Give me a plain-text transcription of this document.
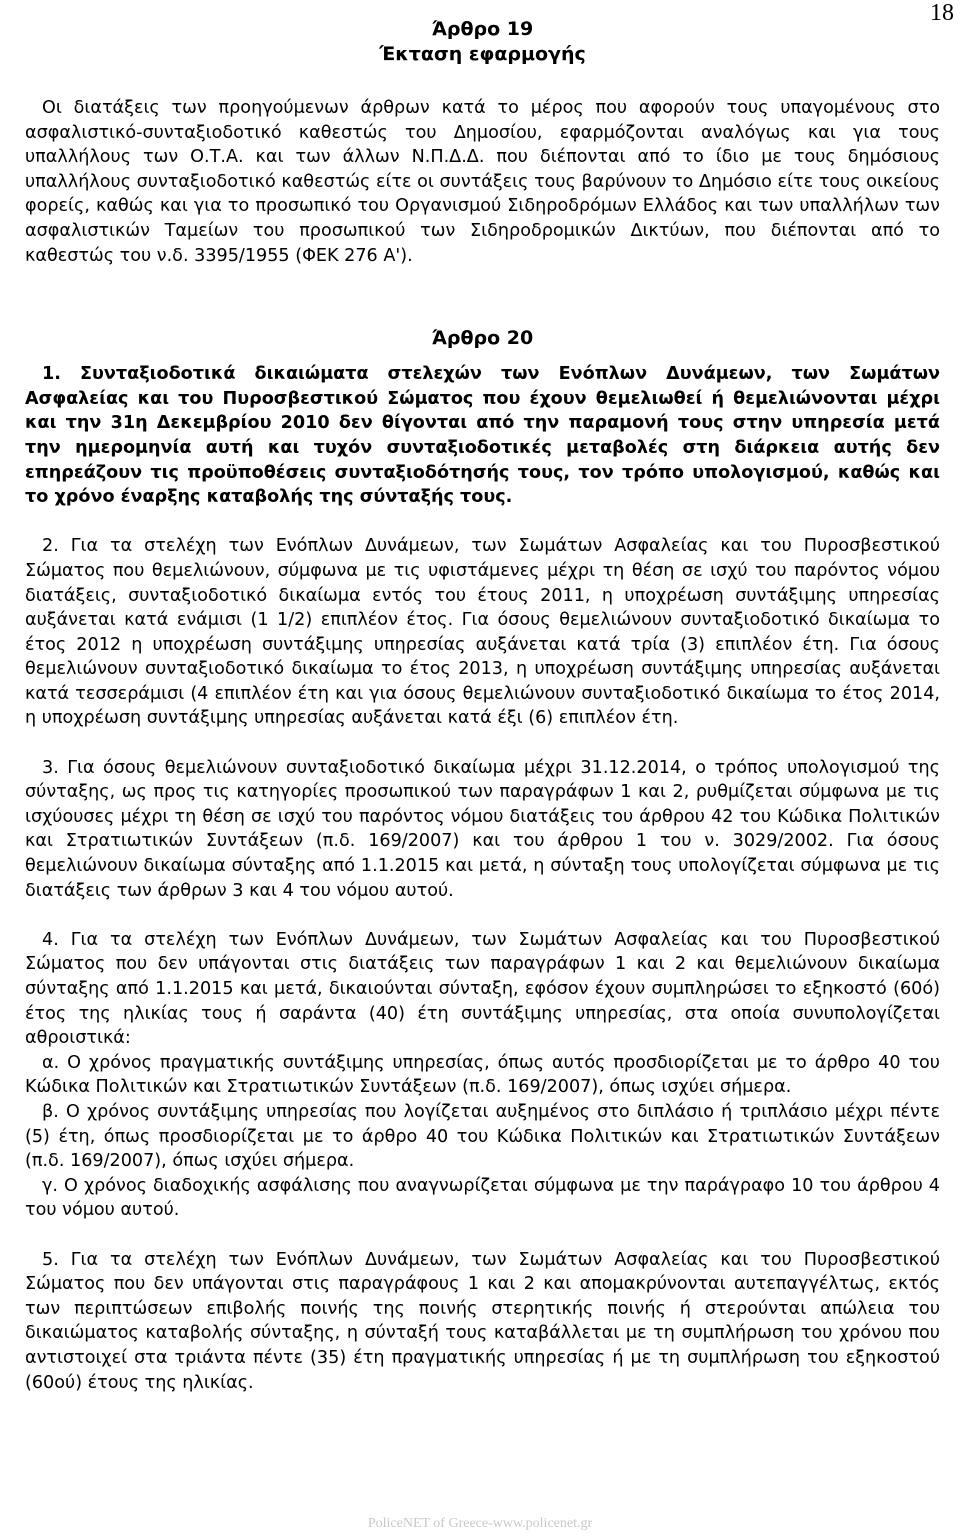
18
Άρθρο 19
Έκταση εφαρμογής

Οι διατάξεις των προηγούμενων άρθρων κατά το μέρος που αφορούν τους υπαγομένους στο ασφαλιστικό-συνταξιοδοτικό καθεστώς του Δημοσίου, εφαρμόζονται αναλόγως και για τους υπαλλήλους των Ο.Τ.Α. και των άλλων Ν.Π.Δ.Δ. που διέπονται από το ίδιο με τους δημόσιους υπαλλήλους συνταξιοδοτικό καθεστώς είτε οι συντάξεις τους βαρύνουν το Δημόσιο είτε τους οικείους φορείς, καθώς και για το προσωπικό του Οργανισμού Σιδηροδρόμων Ελλάδος και των υπαλλήλων των ασφαλιστικών Ταμείων του προσωπικού των Σιδηροδρομικών Δικτύων, που διέπονται από το καθεστώς του ν.δ. 3395/1955 (ΦΕΚ 276 Α').

Άρθρο 20

1. Συνταξιοδοτικά δικαιώματα στελεχών των Ενόπλων Δυνάμεων, των Σωμάτων Ασφαλείας και του Πυροσβεστικού Σώματος που έχουν θεμελιωθεί ή θεμελιώνονται μέχρι και την 31η Δεκεμβρίου 2010 δεν θίγονται από την παραμονή τους στην υπηρεσία μετά την ημερομηνία αυτή και τυχόν συνταξιοδοτικές μεταβολές στη διάρκεια αυτής δεν επηρεάζουν τις προϋποθέσεις συνταξιοδότησής τους, τον τρόπο υπολογισμού, καθώς και το χρόνο έναρξης καταβολής της σύνταξής τους.

2. Για τα στελέχη των Ενόπλων Δυνάμεων, των Σωμάτων Ασφαλείας και του Πυροσβεστικού Σώματος που θεμελιώνουν, σύμφωνα με τις υφιστάμενες μέχρι τη θέση σε ισχύ του παρόντος νόμου διατάξεις, συνταξιοδοτικό δικαίωμα εντός του έτους 2011, η υποχρέωση συντάξιμης υπηρεσίας αυξάνεται κατά ενάμισι (1 1/2) επιπλέον έτος. Για όσους θεμελιώνουν συνταξιοδοτικό δικαίωμα το έτος 2012 η υποχρέωση συντάξιμης υπηρεσίας αυξάνεται κατά τρία (3) επιπλέον έτη. Για όσους θεμελιώνουν συνταξιοδοτικό δικαίωμα το έτος 2013, η υποχρέωση συντάξιμης υπηρεσίας αυξάνεται κατά τεσσεράμισι (4 επιπλέον έτη και για όσους θεμελιώνουν συνταξιοδοτικό δικαίωμα το έτος 2014, η υποχρέωση συντάξιμης υπηρεσίας αυξάνεται κατά έξι (6) επιπλέον έτη.

3. Για όσους θεμελιώνουν συνταξιοδοτικό δικαίωμα μέχρι 31.12.2014, ο τρόπος υπολογισμού της σύνταξης, ως προς τις κατηγορίες προσωπικού των παραγράφων 1 και 2, ρυθμίζεται σύμφωνα με τις ισχύουσες μέχρι τη θέση σε ισχύ του παρόντος νόμου διατάξεις του άρθρου 42 του Κώδικα Πολιτικών και Στρατιωτικών Συντάξεων (π.δ. 169/2007) και του άρθρου 1 του ν. 3029/2002. Για όσους θεμελιώνουν δικαίωμα σύνταξης από 1.1.2015 και μετά, η σύνταξη τους υπολογίζεται σύμφωνα με τις διατάξεις των άρθρων 3 και 4 του νόμου αυτού.

4. Για τα στελέχη των Ενόπλων Δυνάμεων, των Σωμάτων Ασφαλείας και του Πυροσβεστικού Σώματος που δεν υπάγονται στις διατάξεις των παραγράφων 1 και 2 και θεμελιώνουν δικαίωμα σύνταξης από 1.1.2015 και μετά, δικαιούνται σύνταξη, εφόσον έχουν συμπληρώσει το εξηκοστό (60ό) έτος της ηλικίας τους ή σαράντα (40) έτη συντάξιμης υπηρεσίας, στα οποία συνυπολογίζεται αθροιστικά:

α. Ο χρόνος πραγματικής συντάξιμης υπηρεσίας, όπως αυτός προσδιορίζεται με το άρθρο 40 του Κώδικα Πολιτικών και Στρατιωτικών Συντάξεων (π.δ. 169/2007), όπως ισχύει σήμερα.

β. Ο χρόνος συντάξιμης υπηρεσίας που λογίζεται αυξημένος στο διπλάσιο ή τριπλάσιο μέχρι πέντε (5) έτη, όπως προσδιορίζεται με το άρθρο 40 του Κώδικα Πολιτικών και Στρατιωτικών Συντάξεων (π.δ. 169/2007), όπως ισχύει σήμερα.

γ. Ο χρόνος διαδοχικής ασφάλισης που αναγνωρίζεται σύμφωνα με την παράγραφο 10 του άρθρου 4 του νόμου αυτού.

5. Για τα στελέχη των Ενόπλων Δυνάμεων, των Σωμάτων Ασφαλείας και του Πυροσβεστικού Σώματος που δεν υπάγονται στις παραγράφους 1 και 2 και απομακρύνονται αυτεπαγγέλτως, εκτός των περιπτώσεων επιβολής ποινής της ποινής στερητικής ποινής ή στερούνται απώλεια του δικαιώματος καταβολής σύνταξης, η σύνταξή τους καταβάλλεται με τη συμπλήρωση του χρόνου που αντιστοιχεί στα τριάντα πέντε (35) έτη πραγματικής υπηρεσίας ή με τη συμπλήρωση του εξηκοστού (60ού) έτους της ηλικίας.

PoliceNET of Greece-www.policenet.gr
